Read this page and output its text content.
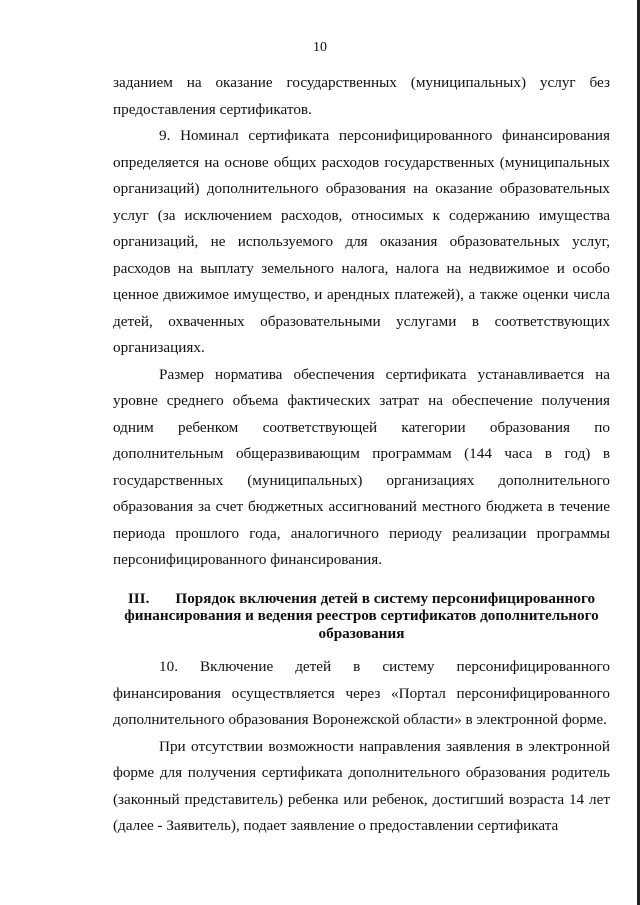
10

заданием на оказание государственных (муниципальных) услуг без предоставления сертификатов.

9. Номинал сертификата персонифицированного финансирования определяется на основе общих расходов государственных (муниципальных организаций) дополнительного образования на оказание образовательных услуг (за исключением расходов, относимых к содержанию имущества организаций, не используемого для оказания образовательных услуг, расходов на выплату земельного налога, налога на недвижимое и особо ценное движимое имущество, и арендных платежей), а также оценки числа детей, охваченных образовательными услугами в соответствующих организациях.

Размер норматива обеспечения сертификата устанавливается на уровне среднего объема фактических затрат на обеспечение получения одним ребенком соответствующей категории образования по дополнительным общеразвивающим программам (144 часа в год) в государственных (муниципальных) организациях дополнительного образования за счет бюджетных ассигнований местного бюджета в течение периода прошлого года, аналогичного периоду реализации программы персонифицированного финансирования.

III. Порядок включения детей в систему персонифицированного финансирования и ведения реестров сертификатов дополнительного образования

10. Включение детей в систему персонифицированного финансирования осуществляется через «Портал персонифицированного дополнительного образования Воронежской области» в электронной форме.

При отсутствии возможности направления заявления в электронной форме для получения сертификата дополнительного образования родитель (законный представитель) ребенка или ребенок, достигший возраста 14 лет (далее - Заявитель), подает заявление о предоставлении сертификата
